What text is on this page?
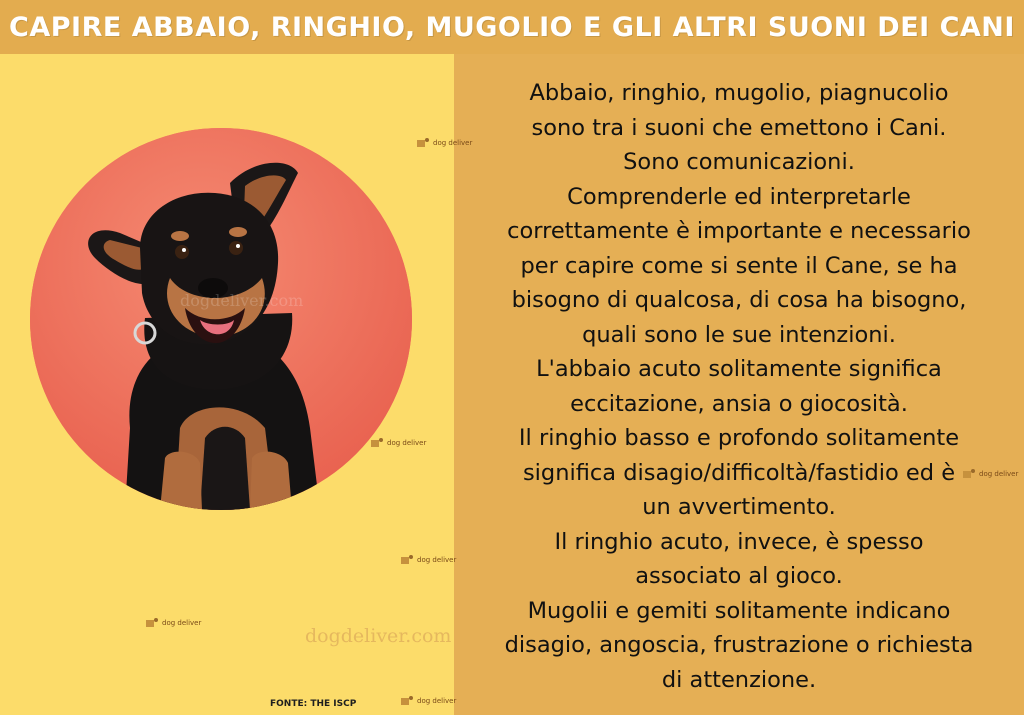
CAPIRE ABBAIO, RINGHIO, MUGOLIO E GLI ALTRI SUONI DEI CANI
Abbaio, ringhio, mugolio, piagnucolio
sono tra i suoni che emettono i Cani.
Sono comunicazioni.
Comprenderle ed interpretarle
correttamente è importante e necessario
per capire come si sente il Cane, se ha
bisogno di qualcosa, di cosa ha bisogno,
quali sono le sue intenzioni.
L'abbaio acuto solitamente significa
eccitazione, ansia o giocosità.
Il ringhio basso e profondo solitamente
significa disagio/difficoltà/fastidio ed è
un avvertimento.
Il ringhio acuto, invece, è spesso
associato al gioco.
Mugolii e gemiti solitamente indicano
disagio, angoscia, frustrazione o richiesta
di attenzione.
dogdeliver.com
dog deliver
dog deliver
dog deliver
dog deliver
dog deliver
dog deliver
dogdeliver.com
FONTE: THE ISCP
